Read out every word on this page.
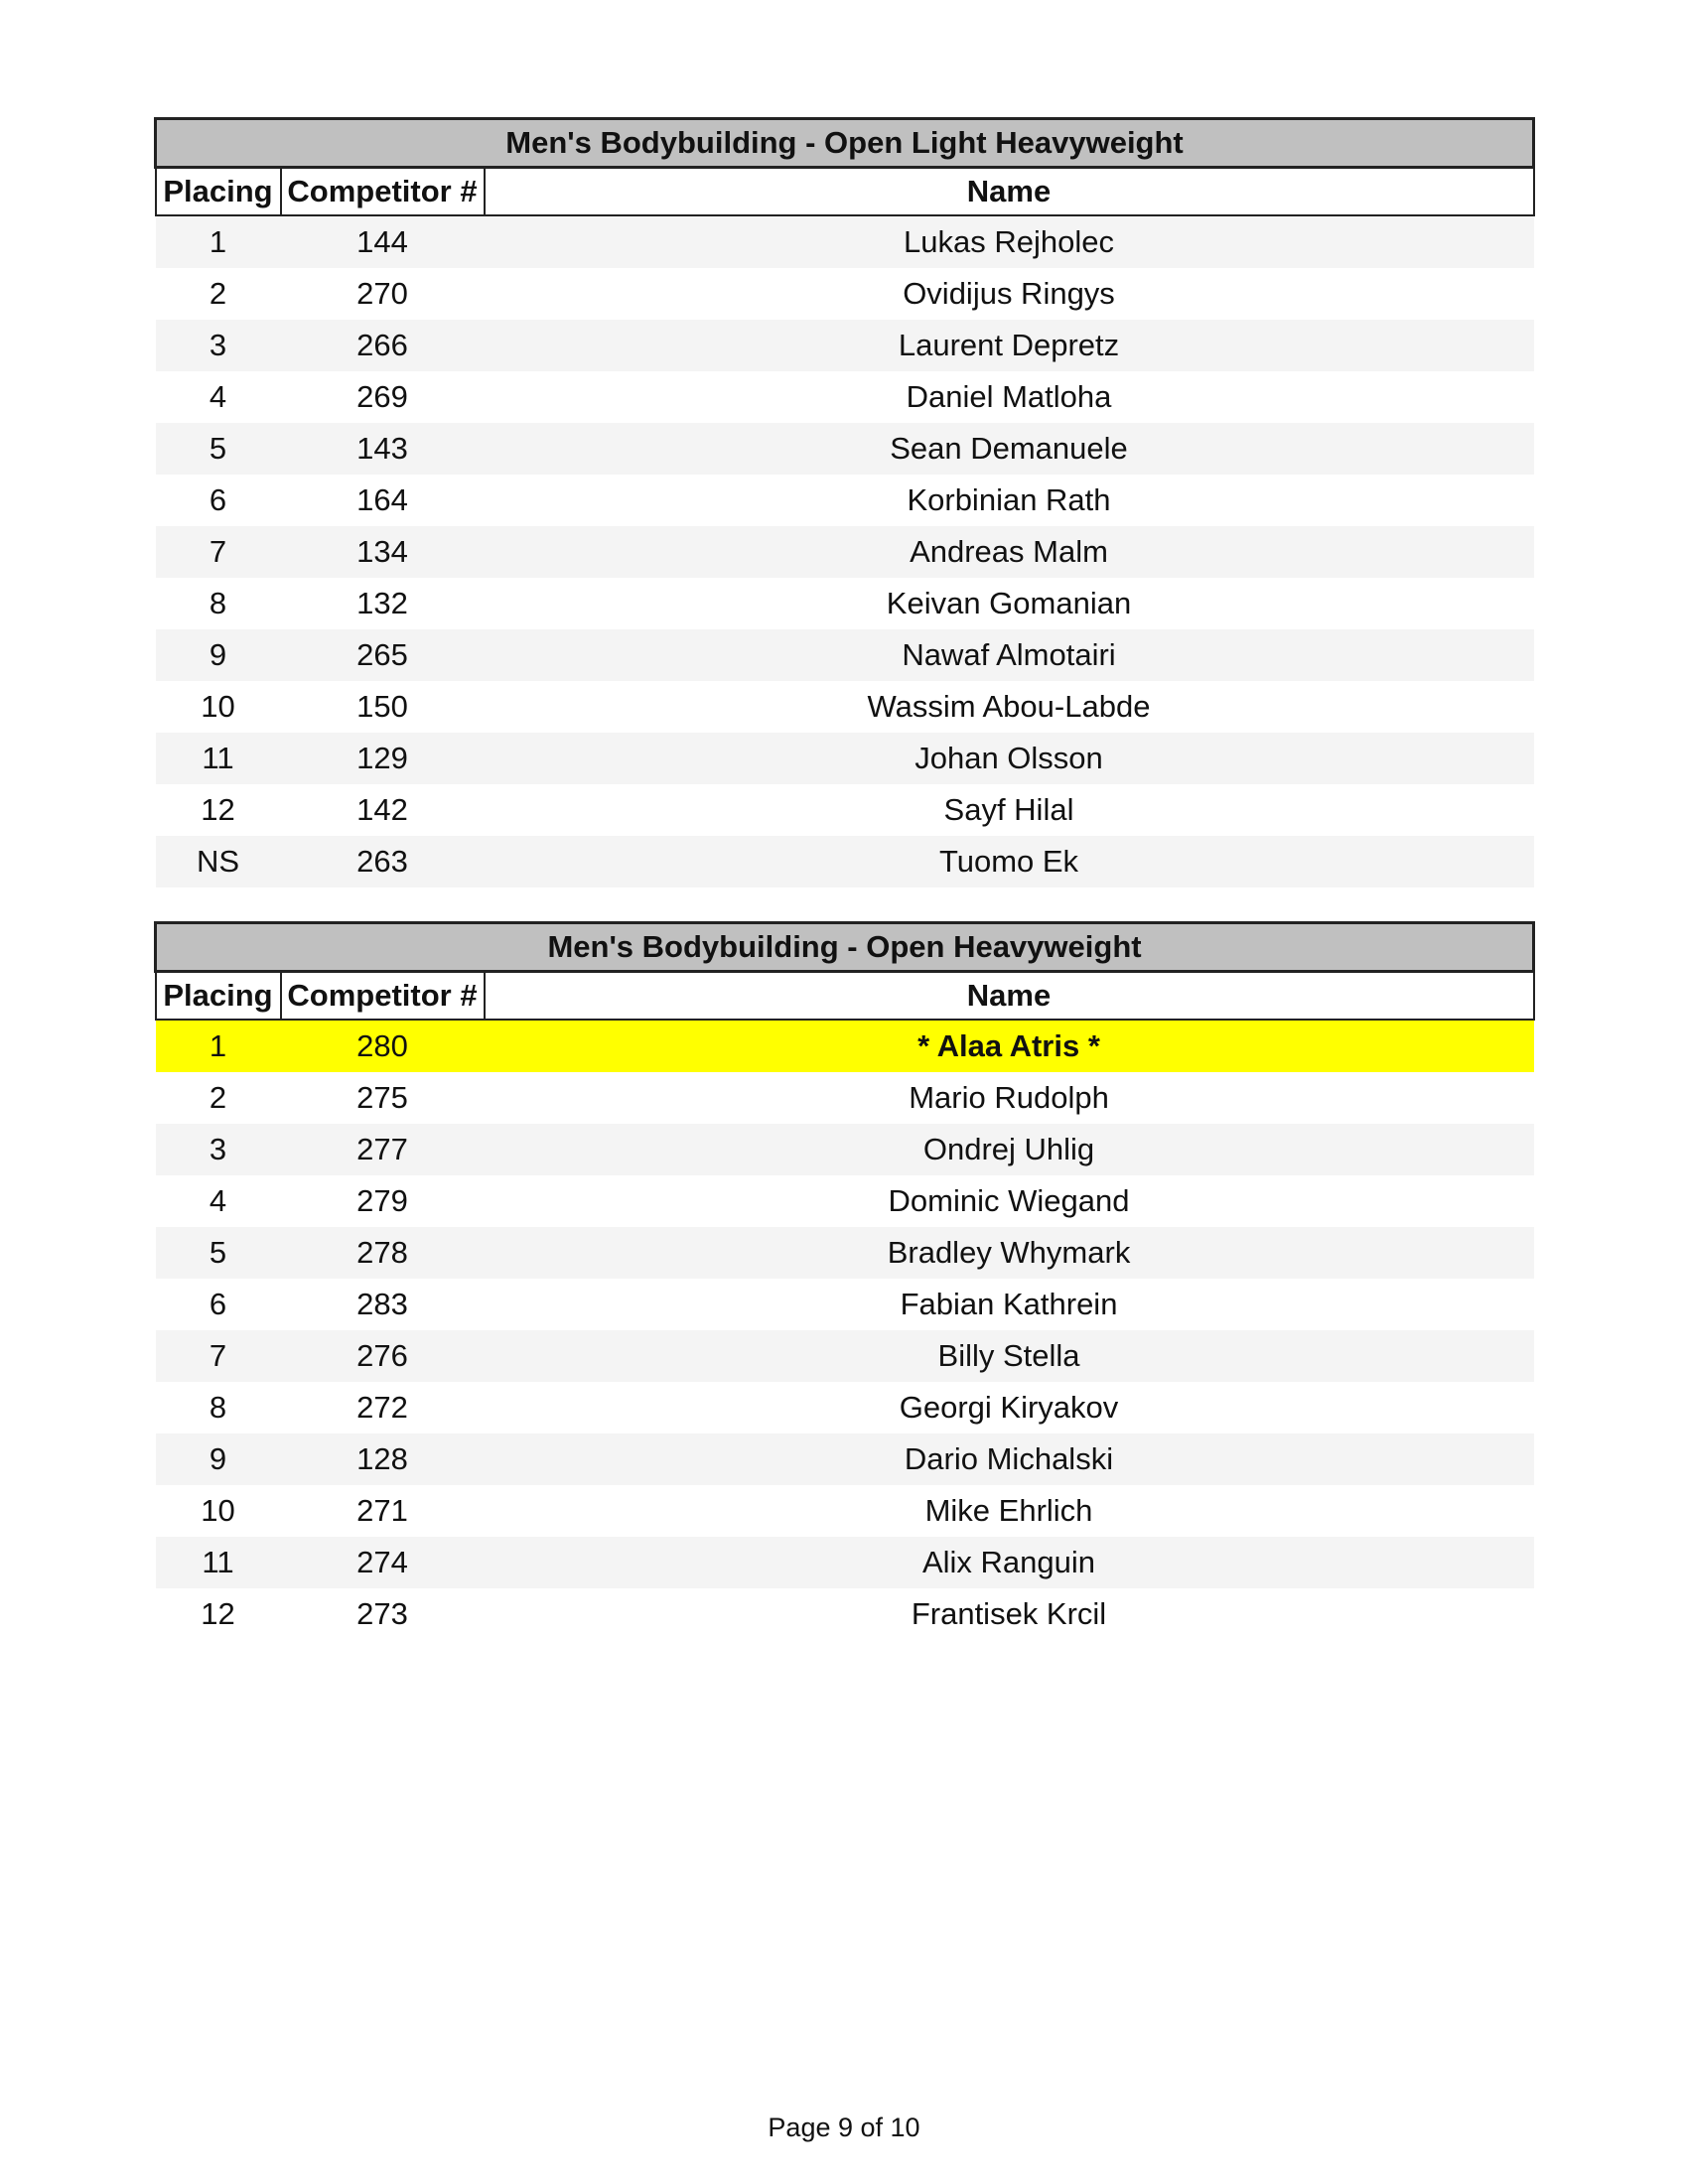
Men's Bodybuilding - Open Light Heavyweight		
Placing	Competitor #	Name
1	144	Lukas Rejholec
2	270	Ovidijus Ringys
3	266	Laurent Depretz
4	269	Daniel Matloha
5	143	Sean Demanuele
6	164	Korbinian Rath
7	134	Andreas Malm
8	132	Keivan Gomanian
9	265	Nawaf Almotairi
10	150	Wassim Abou-Labde
11	129	Johan Olsson
12	142	Sayf Hilal
NS	263	Tuomo Ek
Men's Bodybuilding - Open Heavyweight		
Placing	Competitor #	Name
1	280	* Alaa Atris *
2	275	Mario Rudolph
3	277	Ondrej Uhlig
4	279	Dominic Wiegand
5	278	Bradley Whymark
6	283	Fabian Kathrein
7	276	Billy Stella
8	272	Georgi Kiryakov
9	128	Dario Michalski
10	271	Mike Ehrlich
11	274	Alix Ranguin
12	273	Frantisek Krcil
Page 9 of 10
